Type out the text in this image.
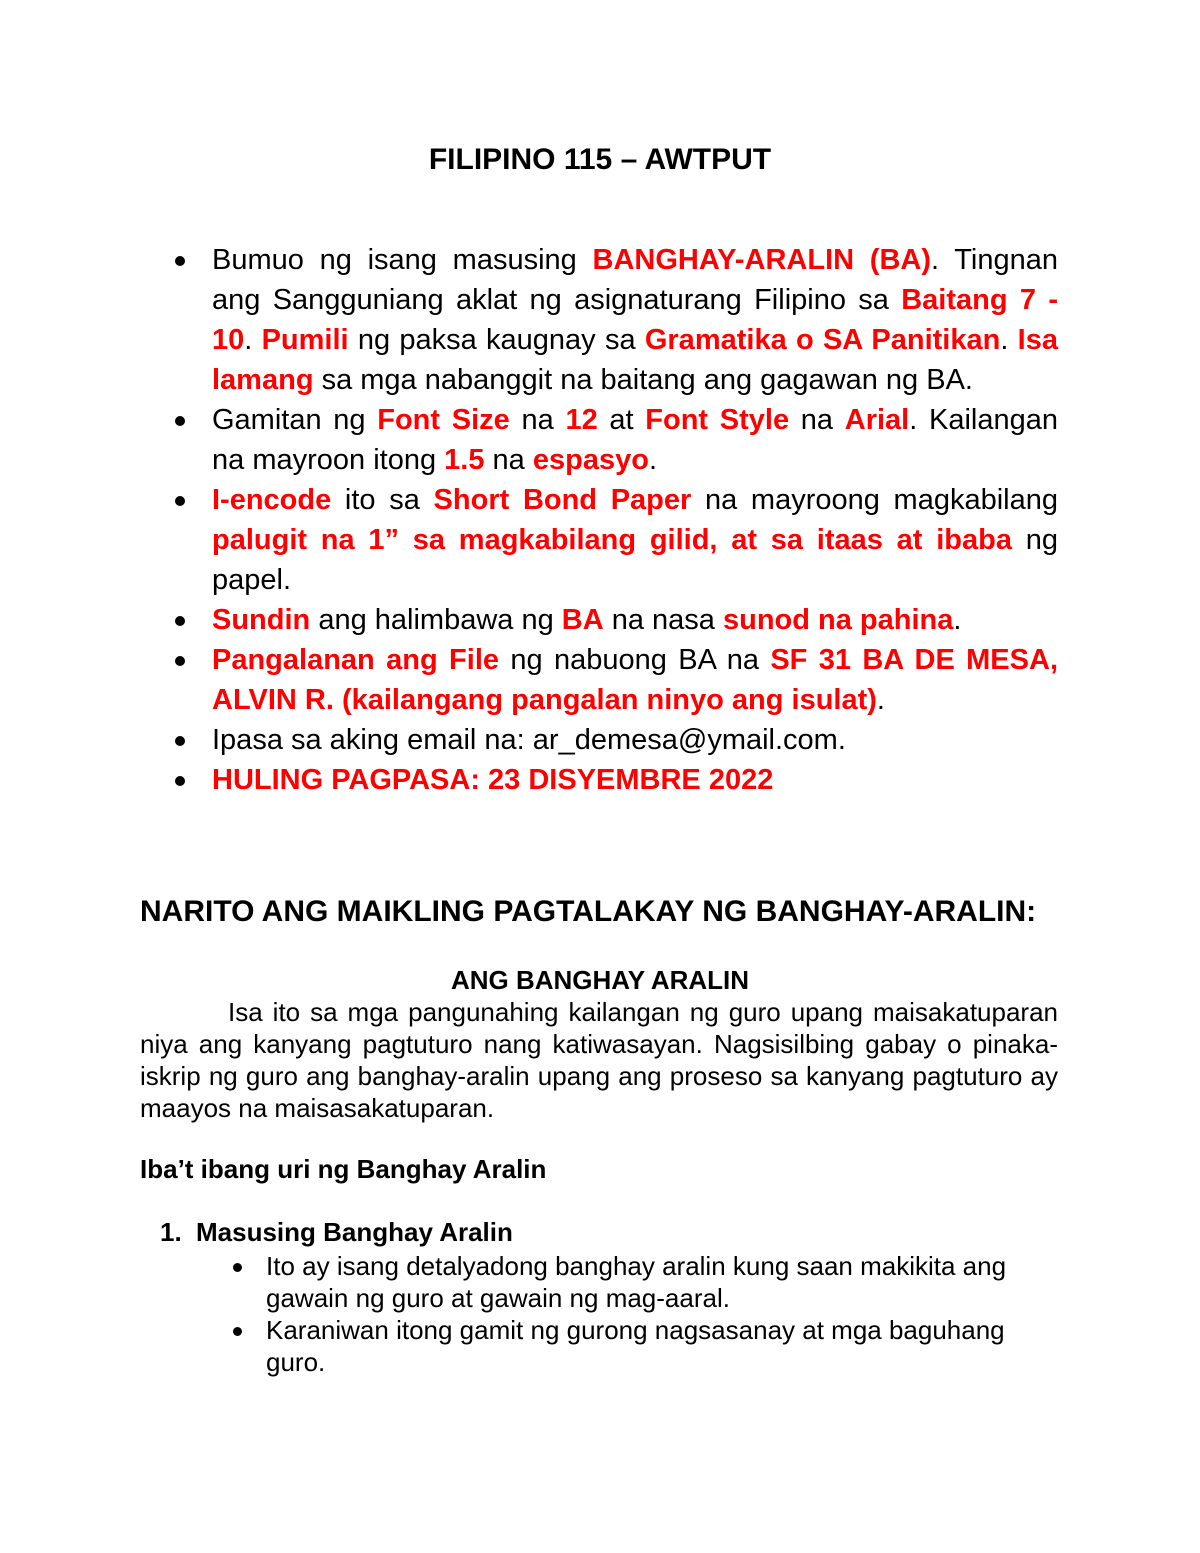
FILIPINO 115 – AWTPUT
Bumuo ng isang masusing BANGHAY-ARALIN (BA). Tingnan ang Sangguniang aklat ng asignaturang Filipino sa Baitang 7 - 10. Pumili ng paksa kaugnay sa Gramatika o SA Panitikan. Isa lamang sa mga nabanggit na baitang ang gagawan ng BA.
Gamitan ng Font Size na 12 at Font Style na Arial. Kailangan na mayroon itong 1.5 na espasyo.
I-encode ito sa Short Bond Paper na mayroong magkabilang palugit na 1” sa magkabilang gilid, at sa itaas at ibaba ng papel.
Sundin ang halimbawa ng BA na nasa sunod na pahina.
Pangalanan ang File ng nabuong BA na SF 31 BA DE MESA, ALVIN R. (kailangang pangalan ninyo ang isulat).
Ipasa sa aking email na: ar_demesa@ymail.com.
HULING PAGPASA: 23 DISYEMBRE 2022
NARITO ANG MAIKLING PAGTALAKAY NG BANGHAY-ARALIN:
ANG BANGHAY ARALIN

Isa ito sa mga pangunahing kailangan ng guro upang maisakatuparan niya ang kanyang pagtuturo nang katiwasayan. Nagsisilbing gabay o pinaka-iskrip ng guro ang banghay-aralin upang ang proseso sa kanyang pagtuturo ay maayos na maisasakatuparan.

Iba’t ibang uri ng Banghay Aralin
1. Masusing Banghay Aralin
Ito ay isang detalyadong banghay aralin kung saan makikita ang gawain ng guro at gawain ng mag-aaral.
Karaniwan itong gamit ng gurong nagsasanay at mga baguhang guro.
